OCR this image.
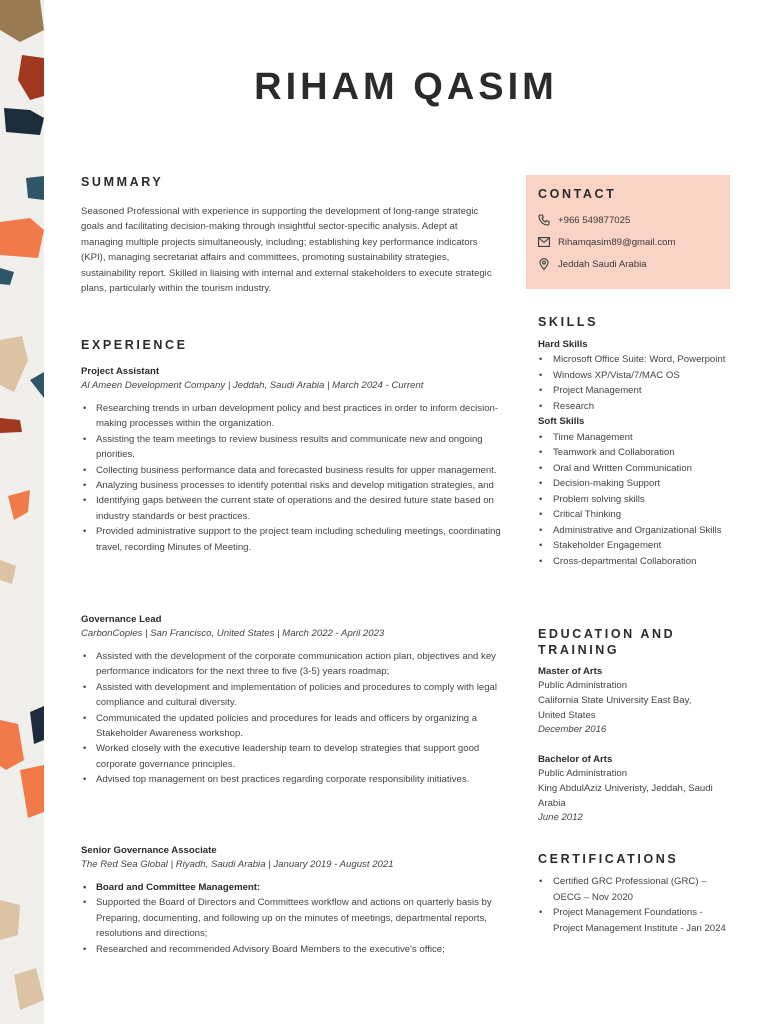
RIHAM QASIM
SUMMARY
Seasoned Professional with experience in supporting the development of long-range strategic goals and facilitating decision-making through insightful sector-specific analysis. Adept at managing multiple projects simultaneously, including; establishing key performance indicators (KPI), managing secretariat affairs and committees, promoting sustainability strategies, sustainability report. Skilled in liaising with internal and external stakeholders to execute strategic plans, particularly within the tourism industry.
EXPERIENCE
Project Assistant
Al Ameen Development Company | Jeddah, Saudi Arabia | March 2024 - Current
• Researching trends in urban development policy and best practices in order to inform decision-making processes within the organization.
• Assisting the team meetings to review business results and communicate new and ongoing priorities.
• Collecting business performance data and forecasted business results for upper management.
• Analyzing business processes to identify potential risks and develop mitigation strategies, and
• Identifying gaps between the current state of operations and the desired future state based on industry standards or best practices.
• Provided administrative support to the project team including scheduling meetings, coordinating travel, recording Minutes of Meeting.
Governance Lead
CarbonCopies | San Francisco, United States | March 2022 - April 2023
• Assisted with the development of the corporate communication action plan, objectives and key performance indicators for the next three to five (3-5) years roadmap;
• Assisted with development and implementation of policies and procedures to comply with legal compliance and cultural diversity.
• Communicated the updated policies and procedures for leads and officers by organizing a Stakeholder Awareness workshop.
• Worked closely with the executive leadership team to develop strategies that support good corporate governance principles.
• Advised top management on best practices regarding corporate responsibility initiatives.
Senior Governance Associate
The Red Sea Global | Riyadh, Saudi Arabia | January 2019 - August 2021
• Board and Committee Management:
• Supported the Board of Directors and Committees workflow and actions on quarterly basis by Preparing, documenting, and following up on the minutes of meetings, departmental reports, resolutions and directions;
• Researched and recommended Advisory Board Members to the executive's office;
CONTACT
+966 549877025
Rihamqasim89@gmail.com
Jeddah Saudi Arabia
SKILLS
Hard Skills
• Microsoft Office Suite: Word, Powerpoint
• Windows XP/Vista/7/MAC OS
• Project Management
• Research
Soft Skills
• Time Management
• Teamwork and Collaboration
• Oral and Written Communication
• Decision-making Support
• Problem solving skills
• Critical Thinking
• Administrative and Organizational Skills
• Stakeholder Engagement
• Cross-departmental Collaboration
EDUCATION AND
TRAINING
Master of Arts
Public Administration
California State University East Bay, United States
December 2016
Bachelor of Arts
Public Administration
King AbdulAziz Univeristy, Jeddah, Saudi Arabia
June 2012
CERTIFICATIONS
• Certified GRC Professional (GRC) – OECG – Nov 2020
• Project Management Foundations - Project Management Institute - Jan 2024
